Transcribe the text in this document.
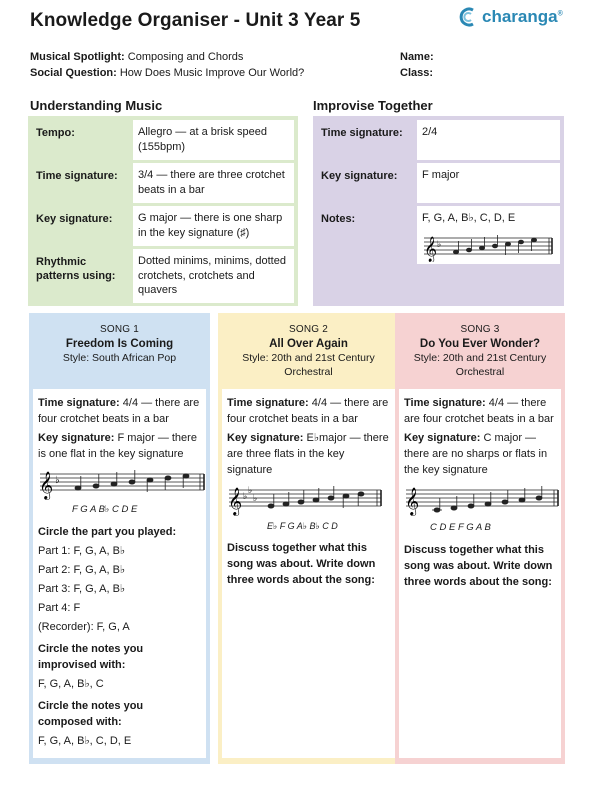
Knowledge Organiser - Unit 3 Year 5	charanga®
Musical Spotlight: Composing and Chords
Social Question: How Does Music Improve Our World?
Name:
Class:
Understanding Music	Improvise Together
Tempo:	Allegro — at a brisk speed (155bpm)
Time signature:	3/4 — there are three crotchet beats in a bar
Key signature:	G major — there is one sharp in the key signature (♯)
Rhythmic patterns using:
Dotted minims, minims, dotted crotchets, crotchets and quavers
Time signature:	2/4
Key signature:	F major
Notes:	F, G, A, B♭, C, D, E
𝄞 ♭
SONG 1
Freedom Is Coming
Style: South African Pop
Time signature: 4/4 — there are four crotchet beats in a bar
Key signature: F major — there is one flat in the key signature
𝄞 ♭
F G A B♭ C D E
Circle the part you played:
Part 1: F, G, A, B♭
Part 2: F, G, A, B♭
Part 3: F, G, A, B♭
Part 4: F
(Recorder): F, G, A
Circle the notes you improvised with:
F, G, A, B♭, C
Circle the notes you composed with:
F, G, A, B♭, C, D, E
SONG 2
All Over Again
Style: 20th and 21st Century Orchestral
Time signature: 4/4 — there are four crotchet beats in a bar
Key signature: E♭major — there are three flats in the key signature
𝄞 ♭
♭
♭
E♭ F G A♭ B♭ C D
Discuss together what this song was about. Write down three words about the song:
SONG 3
Do You Ever Wonder?
Style: 20th and 21st Century Orchestral
Time signature: 4/4 — there are four crotchet beats in a bar
Key signature: C major — there are no sharps or flats in the key signature
𝄞
C D E F G A B
Discuss together what this song was about. Write down three words about the song:
